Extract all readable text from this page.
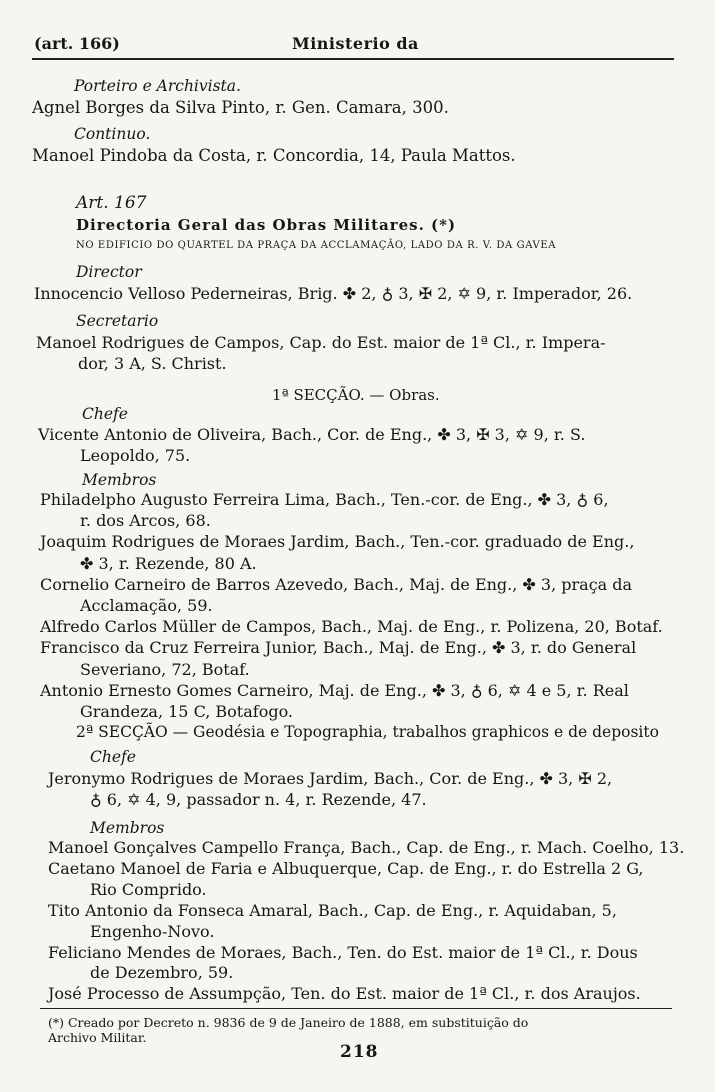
(art. 166)	Ministerio da
Porteiro e Archivista.
Agnel Borges da Silva Pinto, r. Gen. Camara, 300.
Continuo.
Manoel Pindoba da Costa, r. Concordia, 14, Paula Mattos.
Art. 167
Directoria Geral das Obras Militares. (*)
NO EDIFICIO DO QUARTEL DA PRAÇA DA ACCLAMAÇÃO, LADO DA R. V. DA GAVEA
Director
Innocencio Velloso Pederneiras, Brig. ✤ 2, ♁ 3, ✠ 2, ✡ 9, r. Imperador, 26.
Secretario
Manoel Rodrigues de Campos, Cap. do Est. maior de 1ª Cl., r. Impera-
dor, 3 A, S. Christ.
1ª SECÇÃO. — Obras.
Chefe
Vicente Antonio de Oliveira, Bach., Cor. de Eng., ✤ 3, ✠ 3, ✡ 9, r. S.
Leopoldo, 75.
Membros
Philadelpho Augusto Ferreira Lima, Bach., Ten.-cor. de Eng., ✤ 3, ♁ 6,
r. dos Arcos, 68.
Joaquim Rodrigues de Moraes Jardim, Bach., Ten.-cor. graduado de Eng.,
✤ 3, r. Rezende, 80 A.
Cornelio Carneiro de Barros Azevedo, Bach., Maj. de Eng., ✤ 3, praça da
Acclamação, 59.
Alfredo Carlos Müller de Campos, Bach., Maj. de Eng., r. Polizena, 20, Botaf.
Francisco da Cruz Ferreira Junior, Bach., Maj. de Eng., ✤ 3, r. do General
Severiano, 72, Botaf.
Antonio Ernesto Gomes Carneiro, Maj. de Eng., ✤ 3, ♁ 6, ✡ 4 e 5, r. Real
Grandeza, 15 C, Botafogo.
2ª SECÇÃO — Geodésia e Topographia, trabalhos graphicos e de deposito
Chefe
Jeronymo Rodrigues de Moraes Jardim, Bach., Cor. de Eng., ✤ 3, ✠ 2,
♁ 6, ✡ 4, 9, passador n. 4, r. Rezende, 47.
Membros
Manoel Gonçalves Campello França, Bach., Cap. de Eng., r. Mach. Coelho, 13.
Caetano Manoel de Faria e Albuquerque, Cap. de Eng., r. do Estrella 2 G,
Rio Comprido.
Tito Antonio da Fonseca Amaral, Bach., Cap. de Eng., r. Aquidaban, 5,
Engenho-Novo.
Feliciano Mendes de Moraes, Bach., Ten. do Est. maior de 1ª Cl., r. Dous
de Dezembro, 59.
José Processo de Assumpção, Ten. do Est. maior de 1ª Cl., r. dos Araujos.
(*) Creado por Decreto n. 9836 de 9 de Janeiro de 1888, em substituição do
Archivo Militar.
218
